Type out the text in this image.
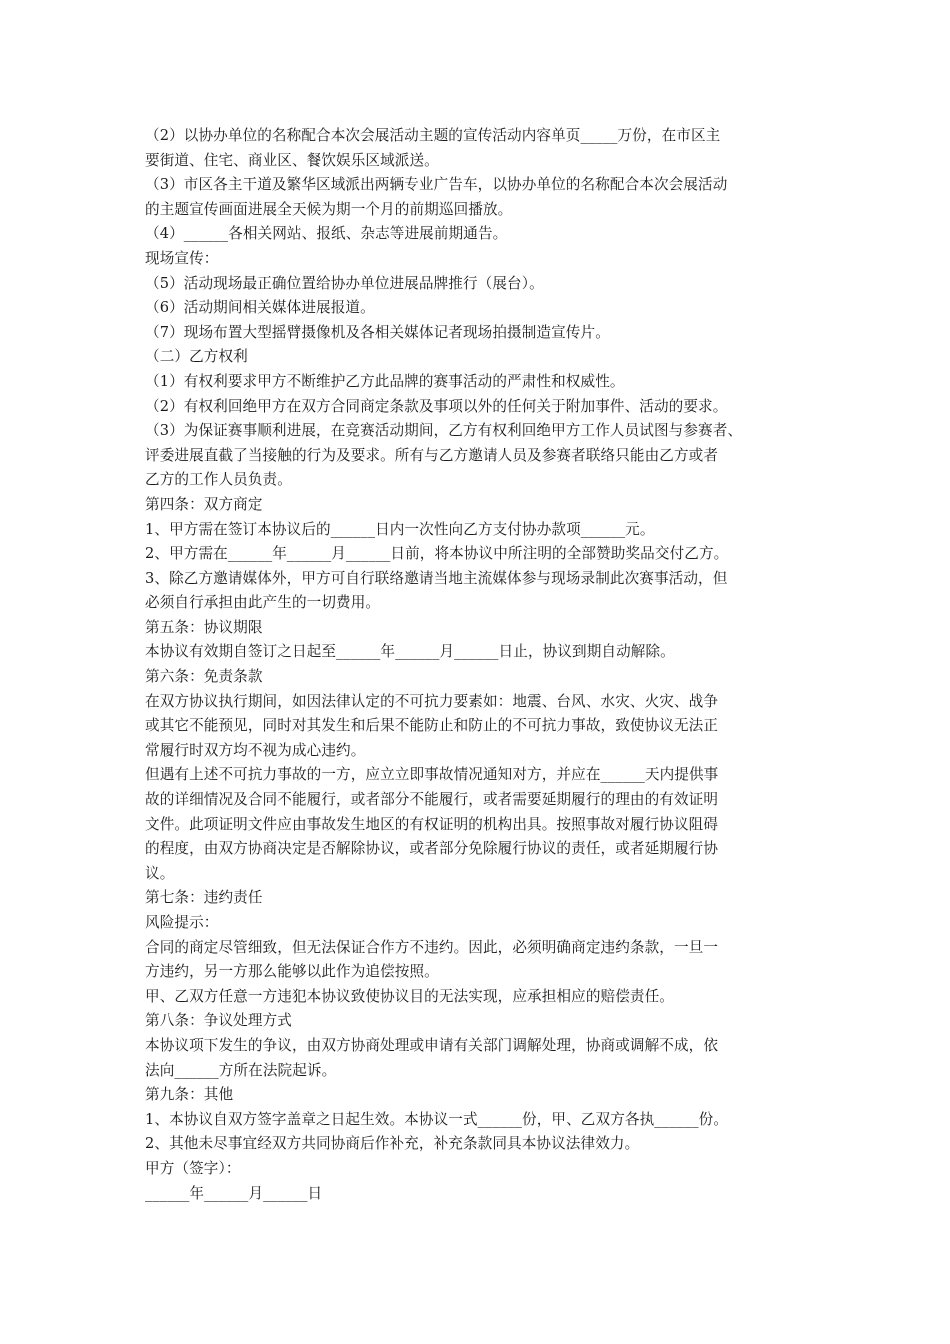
（2）以协办单位的名称配合本次会展活动主题的宣传活动内容单页_____万份，在市区主
要街道、住宅、商业区、餐饮娱乐区域派送。
（3）市区各主干道及繁华区域派出两辆专业广告车，以协办单位的名称配合本次会展活动
的主题宣传画面进展全天候为期一个月的前期巡回播放。
（4）______各相关网站、报纸、杂志等进展前期通告。
现场宣传：
（5）活动现场最正确位置给协办单位进展品牌推行（展台）。
（6）活动期间相关媒体进展报道。
（7）现场布置大型摇臂摄像机及各相关媒体记者现场拍摄制造宣传片。
（二）乙方权利
（1）有权利要求甲方不断维护乙方此品牌的赛事活动的严肃性和权威性。
（2）有权利回绝甲方在双方合同商定条款及事项以外的任何关于附加事件、活动的要求。
（3）为保证赛事顺利进展，在竞赛活动期间，乙方有权利回绝甲方工作人员试图与参赛者、
评委进展直截了当接触的行为及要求。所有与乙方邀请人员及参赛者联络只能由乙方或者
乙方的工作人员负责。
第四条：双方商定
1、甲方需在签订本协议后的______日内一次性向乙方支付协办款项______元。
2、甲方需在______年______月______日前，将本协议中所注明的全部赞助奖品交付乙方。
3、除乙方邀请媒体外，甲方可自行联络邀请当地主流媒体参与现场录制此次赛事活动，但
必须自行承担由此产生的一切费用。
第五条：协议期限
本协议有效期自签订之日起至______年______月______日止，协议到期自动解除。
第六条：免责条款
在双方协议执行期间，如因法律认定的不可抗力要素如：地震、台风、水灾、火灾、战争
或其它不能预见，同时对其发生和后果不能防止和防止的不可抗力事故，致使协议无法正
常履行时双方均不视为成心违约。
但遇有上述不可抗力事故的一方，应立立即事故情况通知对方，并应在______天内提供事
故的详细情况及合同不能履行，或者部分不能履行，或者需要延期履行的理由的有效证明
文件。此项证明文件应由事故发生地区的有权证明的机构出具。按照事故对履行协议阻碍
的程度，由双方协商决定是否解除协议，或者部分免除履行协议的责任，或者延期履行协
议。
第七条：违约责任
风险提示：
合同的商定尽管细致，但无法保证合作方不违约。因此，必须明确商定违约条款，一旦一
方违约，另一方那么能够以此作为追偿按照。
甲、乙双方任意一方违犯本协议致使协议目的无法实现，应承担相应的赔偿责任。
第八条：争议处理方式
本协议项下发生的争议，由双方协商处理或申请有关部门调解处理，协商或调解不成，依
法向______方所在法院起诉。
第九条：其他
1、本协议自双方签字盖章之日起生效。本协议一式______份，甲、乙双方各执______份。
2、其他未尽事宜经双方共同协商后作补充，补充条款同具本协议法律效力。
甲方（签字）：
______年______月______日
